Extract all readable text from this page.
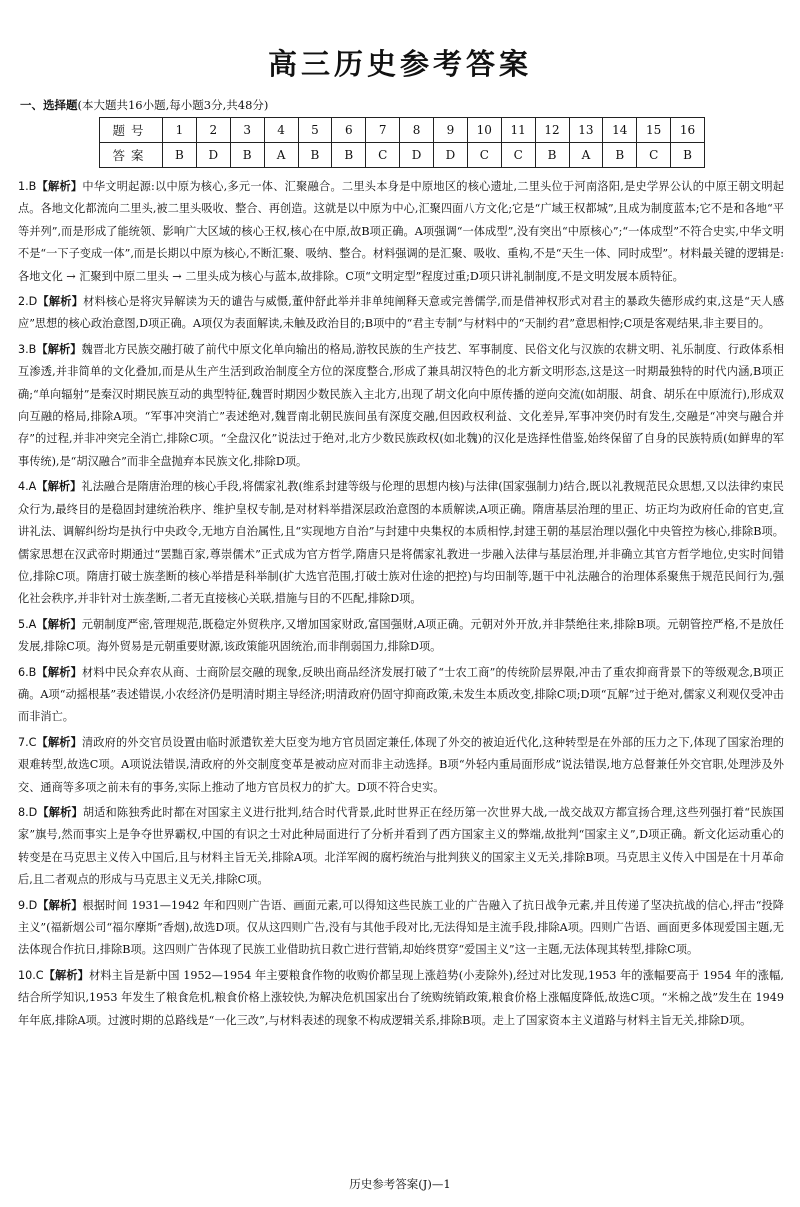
高三历史参考答案

一、选择题(本大题共16小题,每小题3分,共48分)

题号	1	2	3	4	5	6	7	8	9	10	11	12	13	14	15	16
答案	B	D	B	A	B	B	C	D	D	C	C	B	A	B	C	B

1.B【解析】中华文明起源:以中原为核心,多元一体、汇聚融合。二里头本身是中原地区的核心遗址,二里头位于河南洛阳,是史学界公认的中原王朝文明起点。各地文化都流向二里头,被二里头吸收、整合、再创造。这就是以中原为中心,汇聚四面八方文化;它是“广域王权都城”,且成为制度蓝本;它不是和各地“平等并列”,而是形成了能统领、影响广大区域的核心王权,核心在中原,故B项正确。A项强调“一体成型”,没有突出“中原核心”;“一体成型”不符合史实,中华文明不是“一下子变成一体”,而是长期以中原为核心,不断汇聚、吸纳、整合。材料强调的是汇聚、吸收、重构,不是“天生一体、同时成型”。材料最关键的逻辑是:各地文化 → 汇聚到中原二里头 → 二里头成为核心与蓝本,故排除。C项“文明定型”程度过重;D项只讲礼制制度,不是文明发展本质特征。

2.D【解析】材料核心是将灾异解读为天的谴告与威慑,董仲舒此举并非单纯阐释天意或完善儒学,而是借神权形式对君主的暴政失德形成约束,这是“天人感应”思想的核心政治意图,D项正确。A项仅为表面解读,未触及政治目的;B项中的“君主专制”与材料中的“天制约君”意思相悖;C项是客观结果,非主要目的。

3.B【解析】魏晋北方民族交融打破了前代中原文化单向输出的格局,游牧民族的生产技艺、军事制度、民俗文化与汉族的农耕文明、礼乐制度、行政体系相互渗透,并非简单的文化叠加,而是从生产生活到政治制度全方位的深度整合,形成了兼具胡汉特色的北方新文明形态,这是这一时期最独特的时代内涵,B项正确;“单向辐射”是秦汉时期民族互动的典型特征,魏晋时期因少数民族入主北方,出现了胡文化向中原传播的逆向交流(如胡服、胡食、胡乐在中原流行),形成双向互融的格局,排除A项。“军事冲突消亡”表述绝对,魏晋南北朝民族间虽有深度交融,但因政权利益、文化差异,军事冲突仍时有发生,交融是“冲突与融合并存”的过程,并非冲突完全消亡,排除C项。“全盘汉化”说法过于绝对,北方少数民族政权(如北魏)的汉化是选择性借鉴,始终保留了自身的民族特质(如鲜卑的军事传统),是“胡汉融合”而非全盘抛弃本民族文化,排除D项。

4.A【解析】礼法融合是隋唐治理的核心手段,将儒家礼教(维系封建等级与伦理的思想内核)与法律(国家强制力)结合,既以礼教规范民众思想,又以法律约束民众行为,最终目的是稳固封建统治秩序、维护皇权专制,是对材料举措深层政治意图的本质解读,A项正确。隋唐基层治理的里正、坊正均为政府任命的官吏,宣讲礼法、调解纠纷均是执行中央政令,无地方自治属性,且“实现地方自治”与封建中央集权的本质相悖,封建王朝的基层治理以强化中央管控为核心,排除B项。儒家思想在汉武帝时期通过“罢黜百家,尊崇儒术”正式成为官方哲学,隋唐只是将儒家礼教进一步融入法律与基层治理,并非确立其官方哲学地位,史实时间错位,排除C项。隋唐打破士族垄断的核心举措是科举制(扩大选官范围,打破士族对仕途的把控)与均田制等,题干中礼法融合的治理体系聚焦于规范民间行为,强化社会秩序,并非针对士族垄断,二者无直接核心关联,措施与目的不匹配,排除D项。

5.A【解析】元朝制度严密,管理规范,既稳定外贸秩序,又增加国家财政,富国强财,A项正确。元朝对外开放,并非禁绝往来,排除B项。元朝管控严格,不是放任发展,排除C项。海外贸易是元朝重要财源,该政策能巩固统治,而非削弱国力,排除D项。

6.B【解析】材料中民众弃农从商、士商阶层交融的现象,反映出商品经济发展打破了“士农工商”的传统阶层界限,冲击了重农抑商背景下的等级观念,B项正确。A项“动摇根基”表述错误,小农经济仍是明清时期主导经济;明清政府仍固守抑商政策,未发生本质改变,排除C项;D项“瓦解”过于绝对,儒家义利观仅受冲击而非消亡。

7.C【解析】清政府的外交官员设置由临时派遣钦差大臣变为地方官员固定兼任,体现了外交的被迫近代化,这种转型是在外部的压力之下,体现了国家治理的艰难转型,故选C项。A项说法错误,清政府的外交制度变革是被动应对而非主动选择。B项“外轻内重局面形成”说法错误,地方总督兼任外交官职,处理涉及外交、通商等多项之前未有的事务,实际上推动了地方官员权力的扩大。D项不符合史实。

8.D【解析】胡适和陈独秀此时都在对国家主义进行批判,结合时代背景,此时世界正在经历第一次世界大战,一战交战双方都宣扬合理,这些列强打着“民族国家”旗号,然而事实上是争夺世界霸权,中国的有识之士对此种局面进行了分析并看到了西方国家主义的弊端,故批判“国家主义”,D项正确。新文化运动重心的转变是在马克思主义传入中国后,且与材料主旨无关,排除A项。北洋军阀的腐朽统治与批判狭义的国家主义无关,排除B项。马克思主义传入中国是在十月革命后,且二者观点的形成与马克思主义无关,排除C项。

9.D【解析】根据时间 1931—1942 年和四则广告语、画面元素,可以得知这些民族工业的广告融入了抗日战争元素,并且传递了坚决抗战的信心,抨击“投降主义”(福新烟公司“福尔摩斯”香烟),故选D项。仅从这四则广告,没有与其他手段对比,无法得知是主流手段,排除A项。四则广告语、画面更多体现爱国主题,无法体现合作抗日,排除B项。这四则广告体现了民族工业借助抗日救亡进行营销,却始终贯穿“爱国主义”这一主题,无法体现其转型,排除C项。

10.C【解析】材料主旨是新中国 1952—1954 年主要粮食作物的收购价都呈现上涨趋势(小麦除外),经过对比发现,1953 年的涨幅要高于 1954 年的涨幅,结合所学知识,1953 年发生了粮食危机,粮食价格上涨较快,为解决危机国家出台了统购统销政策,粮食价格上涨幅度降低,故选C项。“米棉之战”发生在 1949 年年底,排除A项。过渡时期的总路线是“一化三改”,与材料表述的现象不构成逻辑关系,排除B项。走上了国家资本主义道路与材料主旨无关,排除D项。

历史参考答案(J)—1
